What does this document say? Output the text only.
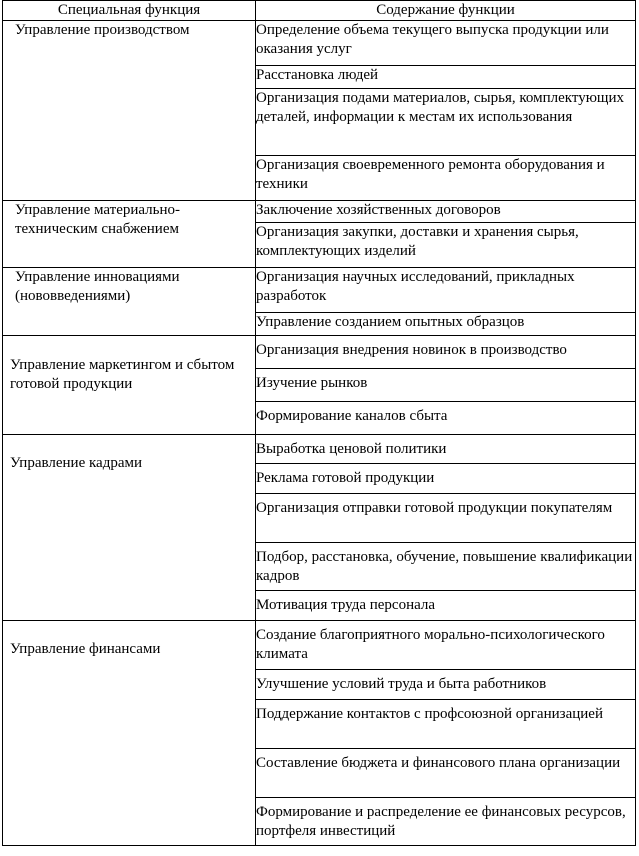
Специальная функция	Содержание функции
Управление производством	Определение объема текущего выпуска продукции или оказания услуг
	Расстановка людей
	Организация подами материалов, сырья, комплектующих деталей, информации к местам их использования
	Организация своевременного ремонта оборудования и техники
Управление материально-техническим снабжением	Заключение хозяйственных договоров
	Организация закупки, доставки и хранения сырья, комплектующих изделий
Управление инновациями (нововведениями)	Организация научных исследований, прикладных разработок
	Управление созданием опытных образцов
Управление маркетингом и сбытом готовой продукции	Организация внедрения новинок в производство
	Изучение рынков
	Формирование каналов сбыта
Управление кадрами	Выработка ценовой политики
	Реклама готовой продукции
	Организация отправки готовой продукции покупателям
	Подбор, расстановка, обучение, повышение квалификации кадров
	Мотивация труда персонала
Управление финансами	Создание благоприятного морально-психологического климата
	Улучшение условий труда и быта работников
	Поддержание контактов с профсоюзной организацией
	Составление бюджета и финансового плана организации
	Формирование и распределение ее финансовых ресурсов, портфеля инвестиций
